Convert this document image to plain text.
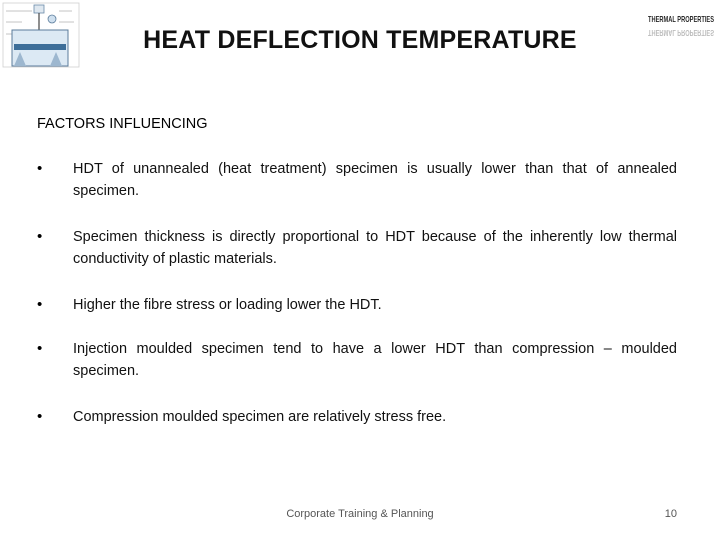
THERMAL PROPERTIES
THERMAL PROPERTIES
HEAT DEFLECTION TEMPERATURE
FACTORS INFLUENCING
• HDT of unannealed (heat treatment) specimen is usually lower than that of annealed specimen.
• Specimen thickness is directly proportional to HDT because of the inherently low thermal conductivity of plastic materials.
• Higher the fibre stress or loading lower the HDT.
• Injection moulded specimen tend to have a lower HDT than compression – moulded specimen.
• Compression moulded specimen are relatively stress free.
Corporate Training & Planning	10
